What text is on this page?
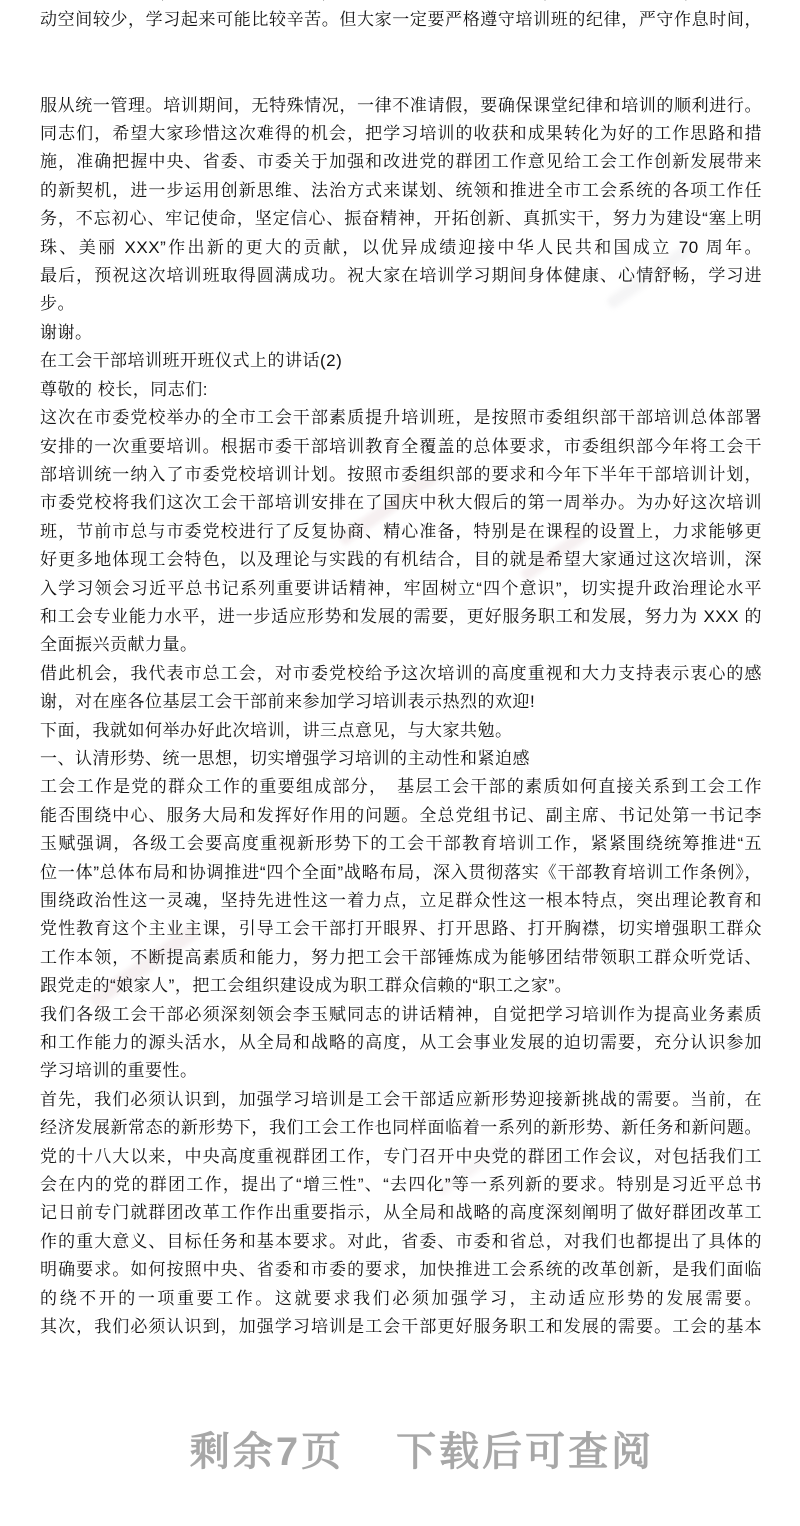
动空间较少，学习起来可能比较辛苦。但大家一定要严格遵守培训班的纪律，严守作息时间，
服从统一管理。培训期间，无特殊情况，一律不准请假，要确保课堂纪律和培训的顺利进行。
同志们，希望大家珍惜这次难得的机会，把学习培训的收获和成果转化为好的工作思路和措
施，准确把握中央、省委、市委关于加强和改进党的群团工作意见给工会工作创新发展带来
的新契机，进一步运用创新思维、法治方式来谋划、统领和推进全市工会系统的各项工作任
务，不忘初心、牢记使命，坚定信心、振奋精神，开拓创新、真抓实干，努力为建设“塞上明
珠、美丽 XXX”作出新的更大的贡献，以优异成绩迎接中华人民共和国成立 70 周年。
最后，预祝这次培训班取得圆满成功。祝大家在培训学习期间身体健康、心情舒畅，学习进
步。
谢谢。
在工会干部培训班开班仪式上的讲话(2)
尊敬的 校长，同志们:
这次在市委党校举办的全市工会干部素质提升培训班，是按照市委组织部干部培训总体部署
安排的一次重要培训。根据市委干部培训教育全覆盖的总体要求，市委组织部今年将工会干
部培训统一纳入了市委党校培训计划。按照市委组织部的要求和今年下半年干部培训计划，
市委党校将我们这次工会干部培训安排在了国庆中秋大假后的第一周举办。为办好这次培训
班，节前市总与市委党校进行了反复协商、精心准备，特别是在课程的设置上，力求能够更
好更多地体现工会特色，以及理论与实践的有机结合，目的就是希望大家通过这次培训，深
入学习领会习近平总书记系列重要讲话精神，牢固树立“四个意识”，切实提升政治理论水平
和工会专业能力水平，进一步适应形势和发展的需要，更好服务职工和发展，努力为 XXX 的
全面振兴贡献力量。
借此机会，我代表市总工会，对市委党校给予这次培训的高度重视和大力支持表示衷心的感
谢，对在座各位基层工会干部前来参加学习培训表示热烈的欢迎!
下面，我就如何举办好此次培训，讲三点意见，与大家共勉。
一、认清形势、统一思想，切实增强学习培训的主动性和紧迫感
工会工作是党的群众工作的重要组成部分，　基层工会干部的素质如何直接关系到工会工作
能否围绕中心、服务大局和发挥好作用的问题。全总党组书记、副主席、书记处第一书记李
玉赋强调，各级工会要高度重视新形势下的工会干部教育培训工作，紧紧围绕统筹推进“五
位一体”总体布局和协调推进“四个全面”战略布局，深入贯彻落实《干部教育培训工作条例》，
围绕政治性这一灵魂，坚持先进性这一着力点，立足群众性这一根本特点，突出理论教育和
党性教育这个主业主课，引导工会干部打开眼界、打开思路、打开胸襟，切实增强职工群众
工作本领，不断提高素质和能力，努力把工会干部锤炼成为能够团结带领职工群众听党话、
跟党走的“娘家人”，把工会组织建设成为职工群众信赖的“职工之家”。
我们各级工会干部必须深刻领会李玉赋同志的讲话精神，自觉把学习培训作为提高业务素质
和工作能力的源头活水，从全局和战略的高度，从工会事业发展的迫切需要，充分认识参加
学习培训的重要性。
首先，我们必须认识到，加强学习培训是工会干部适应新形势迎接新挑战的需要。当前，在
经济发展新常态的新形势下，我们工会工作也同样面临着一系列的新形势、新任务和新问题。
党的十八大以来，中央高度重视群团工作，专门召开中央党的群团工作会议，对包括我们工
会在内的党的群团工作，提出了“增三性”、“去四化”等一系列新的要求。特别是习近平总书
记日前专门就群团改革工作作出重要指示，从全局和战略的高度深刻阐明了做好群团改革工
作的重大意义、目标任务和基本要求。对此，省委、市委和省总，对我们也都提出了具体的
明确要求。如何按照中央、省委和市委的要求，加快推进工会系统的改革创新，是我们面临
的绕不开的一项重要工作。这就要求我们必须加强学习，主动适应形势的发展需要。
其次，我们必须认识到，加强学习培训是工会干部更好服务职工和发展的需要。工会的基本
剩余7页 下载后可查阅
